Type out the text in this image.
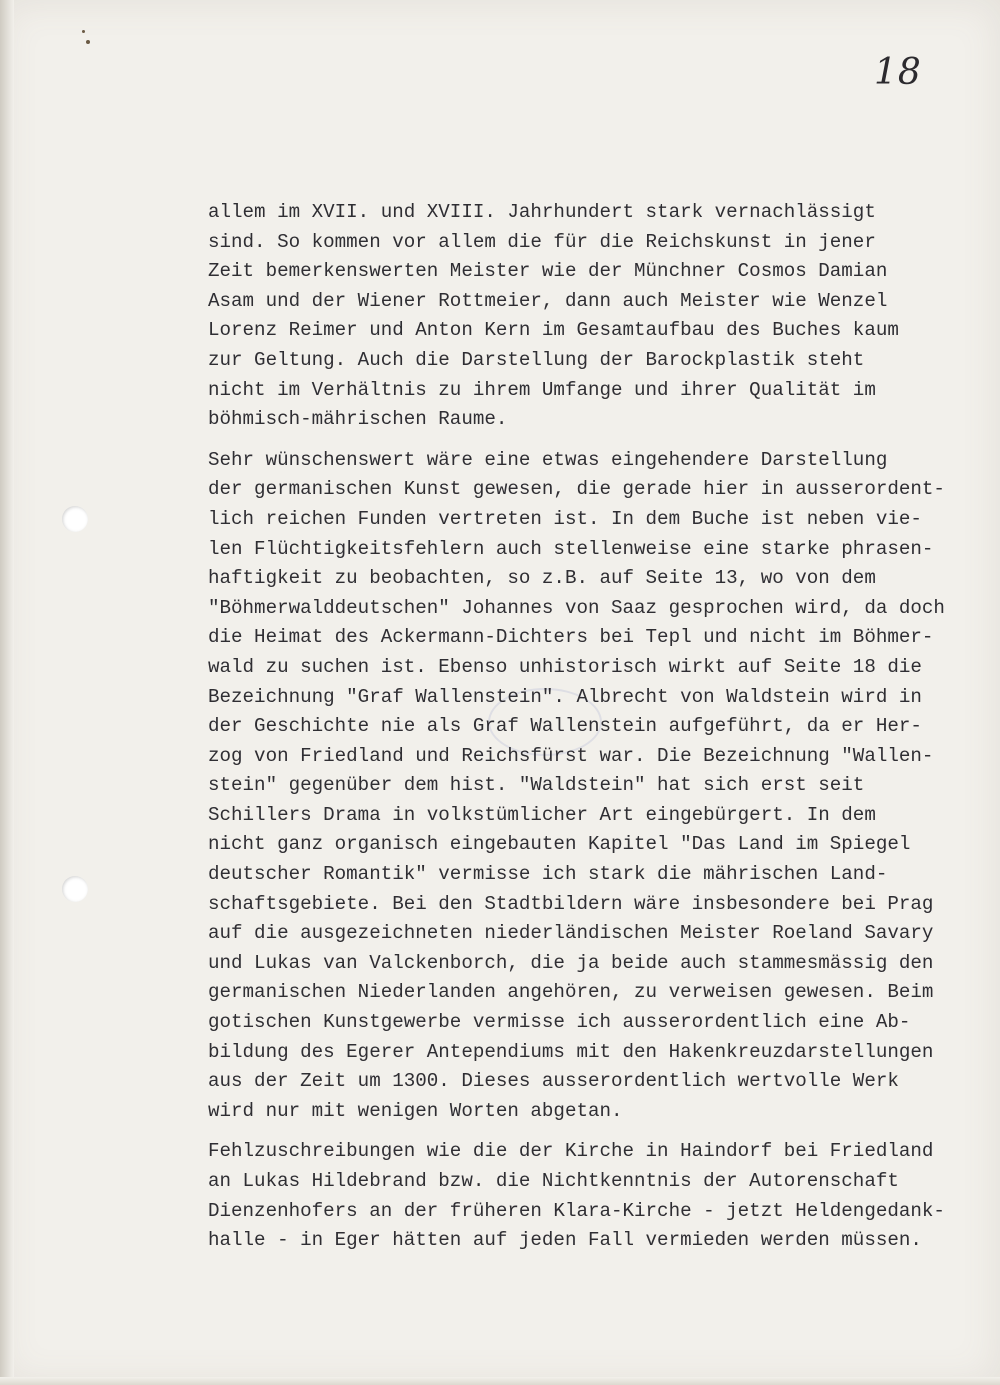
18

allem im XVII. und XVIII. Jahrhundert stark vernachlässigt
sind. So kommen vor allem die für die Reichskunst in jener
Zeit bemerkenswerten Meister wie der Münchner Cosmos Damian
Asam und der Wiener Rottmeier, dann auch Meister wie Wenzel
Lorenz Reimer und Anton Kern im Gesamtaufbau des Buches kaum
zur Geltung. Auch die Darstellung der Barockplastik steht
nicht im Verhältnis zu ihrem Umfange und ihrer Qualität im
böhmisch-mährischen Raume.

Sehr wünschenswert wäre eine etwas eingehendere Darstellung
der germanischen Kunst gewesen, die gerade hier in ausserordent-
lich reichen Funden vertreten ist. In dem Buche ist neben vie-
len Flüchtigkeitsfehlern auch stellenweise eine starke phrasen-
haftigkeit zu beobachten, so z.B. auf Seite 13, wo von dem
"Böhmerwalddeutschen" Johannes von Saaz gesprochen wird, da doch
die Heimat des Ackermann-Dichters bei Tepl und nicht im Böhmer-
wald zu suchen ist. Ebenso unhistorisch wirkt auf Seite 18 die
Bezeichnung "Graf Wallenstein". Albrecht von Waldstein wird in
der Geschichte nie als Graf Wallenstein aufgeführt, da er Her-
zog von Friedland und Reichsfürst war. Die Bezeichnung "Wallen-
stein" gegenüber dem hist. "Waldstein" hat sich erst seit
Schillers Drama in volkstümlicher Art eingebürgert. In dem
nicht ganz organisch eingebauten Kapitel "Das Land im Spiegel
deutscher Romantik" vermisse ich stark die mährischen Land-
schaftsgebiete. Bei den Stadtbildern wäre insbesondere bei Prag
auf die ausgezeichneten niederländischen Meister Roeland Savary
und Lukas van Valckenborch, die ja beide auch stammesmässig den
germanischen Niederlanden angehören, zu verweisen gewesen. Beim
gotischen Kunstgewerbe vermisse ich ausserordentlich eine Ab-
bildung des Egerer Antependiums mit den Hakenkreuzdarstellungen
aus der Zeit um 1300. Dieses ausserordentlich wertvolle Werk
wird nur mit wenigen Worten abgetan.

Fehlzuschreibungen wie die der Kirche in Haindorf bei Friedland
an Lukas Hildebrand bzw. die Nichtkenntnis der Autorenschaft
Dienzenhofers an der früheren Klara-Kirche - jetzt Heldengedank-
halle - in Eger hätten auf jeden Fall vermieden werden müssen.
